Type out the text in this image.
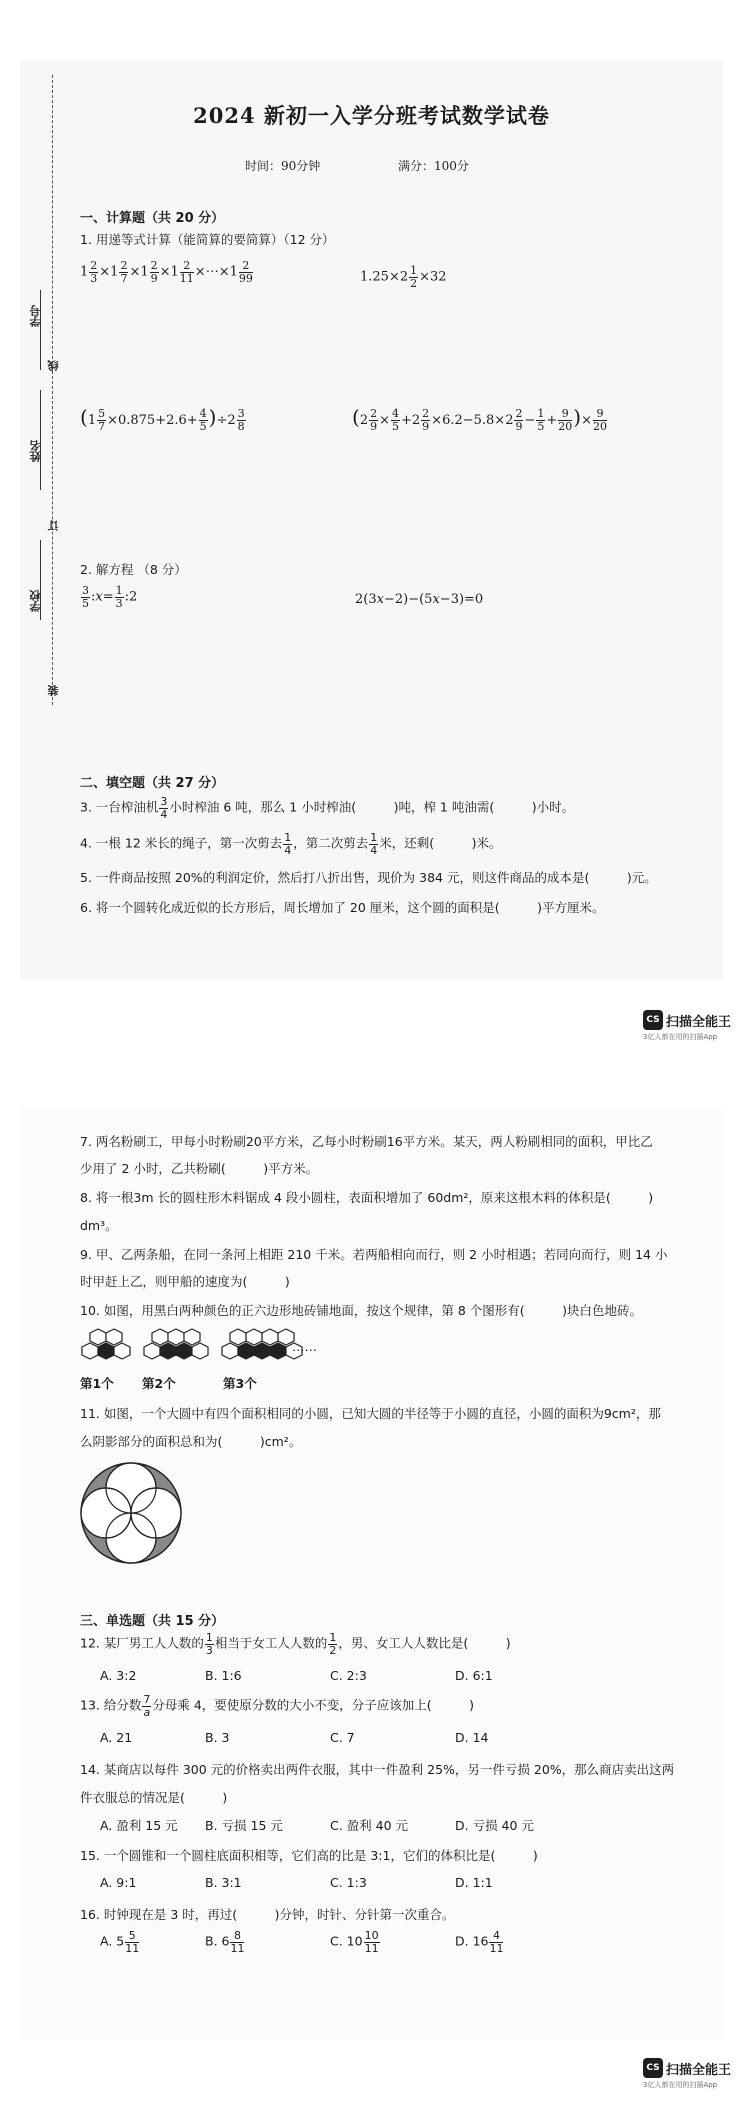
学号
线
姓名
订
学校
装
2024 新初一入学分班考试数学试卷
时间：90分钟	满分：100分
一、计算题（共 20 分）
1. 用递等式计算（能简算的要简算）（12 分）
$1 \frac{2}{3} \times 1 \frac{2}{7} \times 1 \frac{2}{9} \times 1 \frac{2}{11}$ ×⋯×1 $\frac{2}{99}$	$1.25\times 2 \frac{1}{2} \times 32$
$(1 \frac{5}{7} \times 0.875+2.6+ \frac{4}{5} )\div 2 \frac{3}{8}$	($2 \frac{2}{9} \times \frac{4}{5} +2 \frac{2}{9} \times 6.2-5.8\times 2 \frac{2}{9} - \frac{1}{5} + \frac{9}{20}$ )× $\frac{9}{20}$
2. 解方程 （8 分）
$\frac{3}{5}$ :x= $\frac{1}{3}$ :2	2(3x−2)−(5x−3)=0
二、填空题（共 27 分）
3. 一台榨油机 $\frac{3}{4}$ 小时榨油 6 吨，那么 1 小时榨油(　　　)吨，榨 1 吨油需(　　　)小时。
4. 一根 12 米长的绳子，第一次剪去 $\frac{1}{4}$ ，第二次剪去 $\frac{1}{4}$ 米，还剩(　　　)米。
5. 一件商品按照 20%的利润定价，然后打八折出售，现价为 384 元，则这件商品的成本是(　　　)元。
6. 将一个圆转化成近似的长方形后，周长增加了 20 厘米，这个圆的面积是(　　　)平方厘米。
CS 扫描全能王
3亿人都在用的扫描App
7. 两名粉刷工，甲每小时粉刷20平方米，乙每小时粉刷16平方米。某天，两人粉刷相同的面积，甲比乙
少用了 2 小时，乙共粉刷(　　　)平方米。
8. 将一根3m 长的圆柱形木料锯成 4 段小圆柱，表面积增加了 60dm²，原来这根木料的体积是(　　　)
dm³。
9. 甲、乙两条船，在同一条河上相距 210 千米。若两船相向而行，则 2 小时相遇；若同向而行，则 14 小
时甲赶上乙，则甲船的速度为(　　　)
10. 如图，用黑白两种颜色的正六边形地砖铺地面，按这个规律，第 8 个图形有(　　　)块白色地砖。
……
第1个 第2个	第3个
11. 如图，一个大圆中有四个面积相同的小圆，已知大圆的半径等于小圆的直径，小圆的面积为9cm²，那
么阴影部分的面积总和为(　　　)cm²。
三、单选题（共 15 分）
12. 某厂男工人人数的 $\frac{1}{3}$ 相当于女工人人数的 $\frac{1}{2}$ ，男、女工人人数比是(　　　)
A. 3:2	B. 1:6	C. 2:3	D. 6:1
13. 给分数 $\frac{7}{a}$ 分母乘 4，要使原分数的大小不变，分子应该加上(　　　)
A. 21	B. 3	C. 7	D. 14
14. 某商店以每件 300 元的价格卖出两件衣服，其中一件盈利 25%，另一件亏损 20%，那么商店卖出这两
件衣服总的情况是(　　　)
A. 盈利 15 元 B. 亏损 15 元	C. 盈利 40 元	D. 亏损 40 元
15. 一个圆锥和一个圆柱底面积相等，它们高的比是 3:1，它们的体积比是(　　　)
A. 9:1	B. 3:1	C. 1:3	D. 1:1
16. 时钟现在是 3 时，再过(　　　)分钟，时针、分针第一次重合。
A. $5 \frac{5}{11}$	B. $6 \frac{8}{11}$	C. $10 \frac{10}{11}$	D. $16 \frac{4}{11}$
CS 扫描全能王
3亿人都在用的扫描App
